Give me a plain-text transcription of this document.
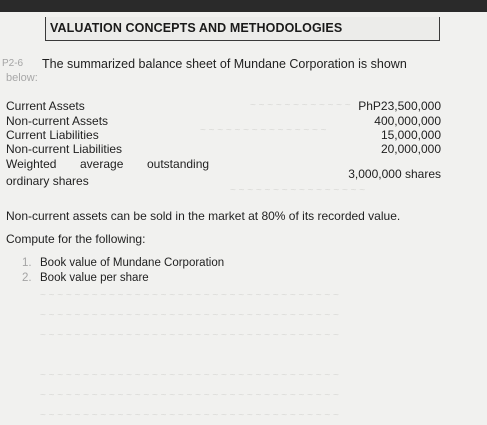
~ ~ ~ ~ ~ ~ ~ ~ ~ ~ ~ ~
~ ~ ~ ~ ~ ~ ~ ~ ~ ~ ~ ~ ~ ~ ~
~ ~ ~ ~ ~ ~ ~ ~ ~ ~ ~ ~ ~ ~ ~ ~
~ ~ ~ ~ ~ ~ ~ ~ ~ ~ ~ ~ ~ ~ ~ ~ ~ ~ ~ ~ ~ ~ ~ ~ ~ ~ ~ ~ ~ ~ ~ ~ ~ ~ ~
~ ~ ~ ~ ~ ~ ~ ~ ~ ~ ~ ~ ~ ~ ~ ~ ~ ~ ~ ~ ~ ~ ~ ~ ~ ~ ~ ~ ~ ~ ~ ~ ~ ~ ~
~ ~ ~ ~ ~ ~ ~ ~ ~ ~ ~ ~ ~ ~ ~ ~ ~ ~ ~ ~ ~ ~ ~ ~ ~ ~ ~ ~ ~ ~ ~ ~ ~ ~ ~
~ ~ ~ ~ ~ ~ ~ ~ ~ ~ ~ ~ ~ ~ ~ ~ ~ ~ ~ ~ ~ ~ ~ ~ ~ ~ ~ ~ ~ ~ ~ ~ ~ ~ ~
~ ~ ~ ~ ~ ~ ~ ~ ~ ~ ~ ~ ~ ~ ~ ~ ~ ~ ~ ~ ~ ~ ~ ~ ~ ~ ~ ~ ~ ~ ~ ~ ~ ~ ~
~ ~ ~ ~ ~ ~ ~ ~ ~ ~ ~ ~ ~ ~ ~ ~ ~ ~ ~ ~ ~ ~ ~ ~ ~ ~ ~ ~ ~ ~ ~ ~ ~ ~ ~
VALUATION CONCEPTS AND METHODOLOGIES
P2-6 The summarized balance sheet of Mundane Corporation is shown
below:
Current Assets	PhP23,500,000
Non-current Assets	400,000,000
Current Liabilities	15,000,000
Non-current Liabilities	20,000,000
Weighted average outstanding
ordinary shares	3,000,000 shares
Non-current assets can be sold in the market at 80% of its recorded value.
Compute for the following:
1. Book value of Mundane Corporation
2. Book value per share
